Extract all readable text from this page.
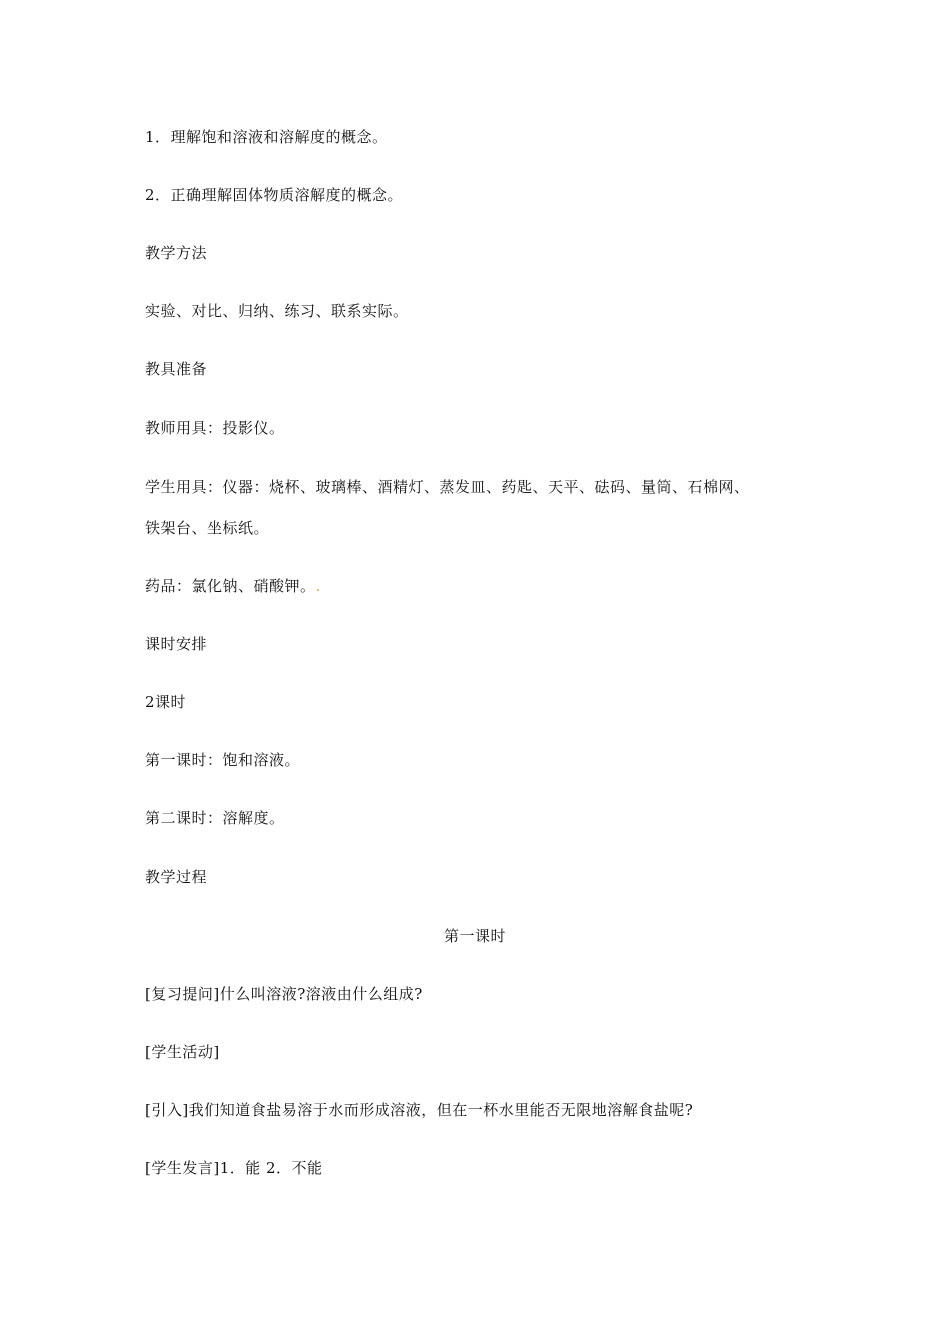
1．理解饱和溶液和溶解度的概念。
2．正确理解固体物质溶解度的概念。
教学方法
实验、对比、归纳、练习、联系实际。
教具准备
教师用具：投影仪。
学生用具：仪器：烧杯、玻璃棒、酒精灯、蒸发皿、药匙、天平、砝码、量筒、石棉网、
铁架台、坐标纸。
药品：氯化钠、硝酸钾。.
课时安排
2课时
第一课时：饱和溶液。
第二课时：溶解度。
教学过程
第一课时
[复习提问]什么叫溶液?溶液由什么组成?
[学生活动]
[引入]我们知道食盐易溶于水而形成溶液，但在一杯水里能否无限地溶解食盐呢?
[学生发言]1．能 2．不能
